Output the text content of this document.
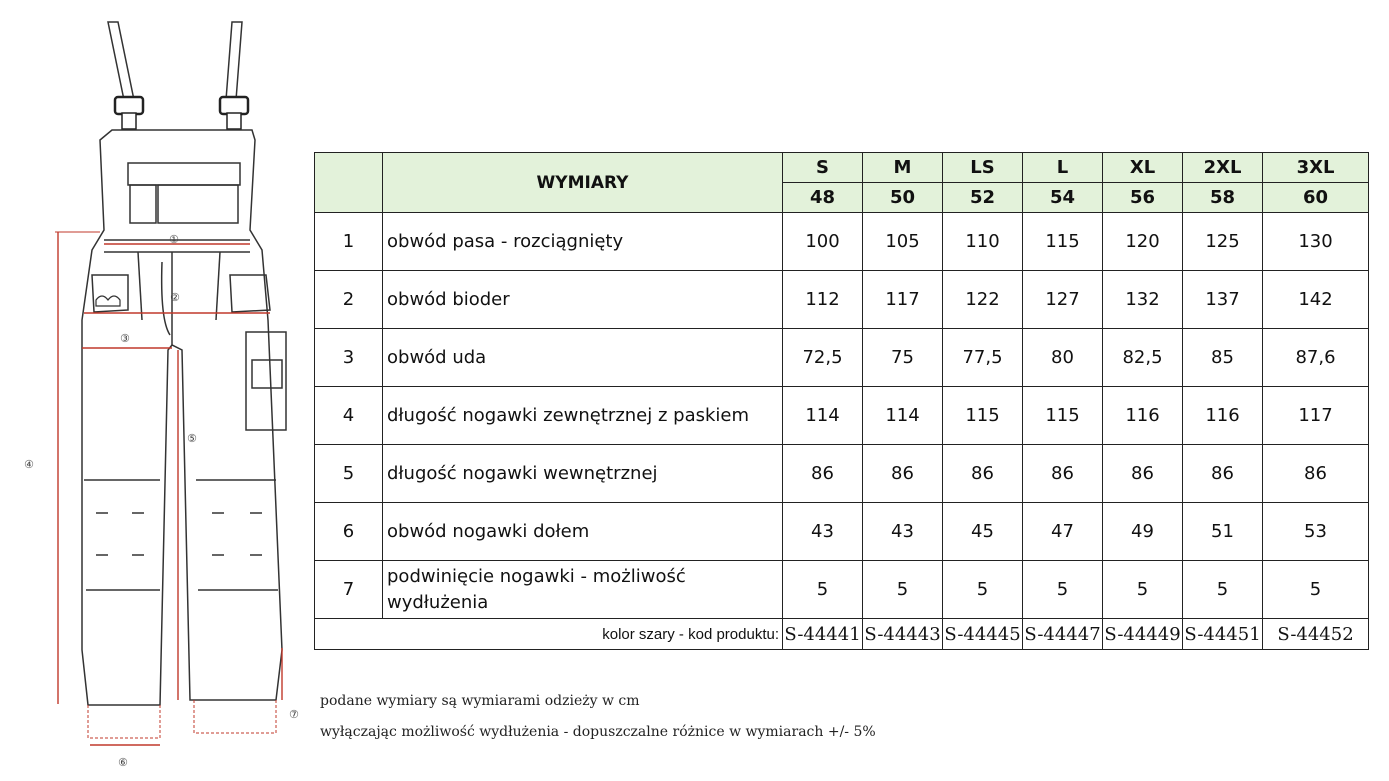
①
②
③
④
⑤
⑥
⑦
	WYMIARY	S	M	LS	L	XL	2XL	3XL
		48	50	52	54	56	58	60
1	obwód pasa - rozciągnięty	100	105	110	115	120	125	130
2	obwód bioder	112	117	122	127	132	137	142
3	obwód uda	72,5	75	77,5	80	82,5	85	87,6
4	długość nogawki zewnętrznej z paskiem	114	114	115	115	116	116	117
5	długość nogawki wewnętrznej	86	86	86	86	86	86	86
6	obwód nogawki dołem	43	43	45	47	49	51	53
7	podwinięcie nogawki - możliwość wydłużenia	5	5	5	5	5	5	5
kolor szary - kod produktu:		S-44441	S-44443	S-44445	S-44447	S-44449	S-44451	S-44452
podane wymiary są wymiarami odzieży w cm
wyłączając możliwość wydłużenia - dopuszczalne różnice w wymiarach +/- 5%
